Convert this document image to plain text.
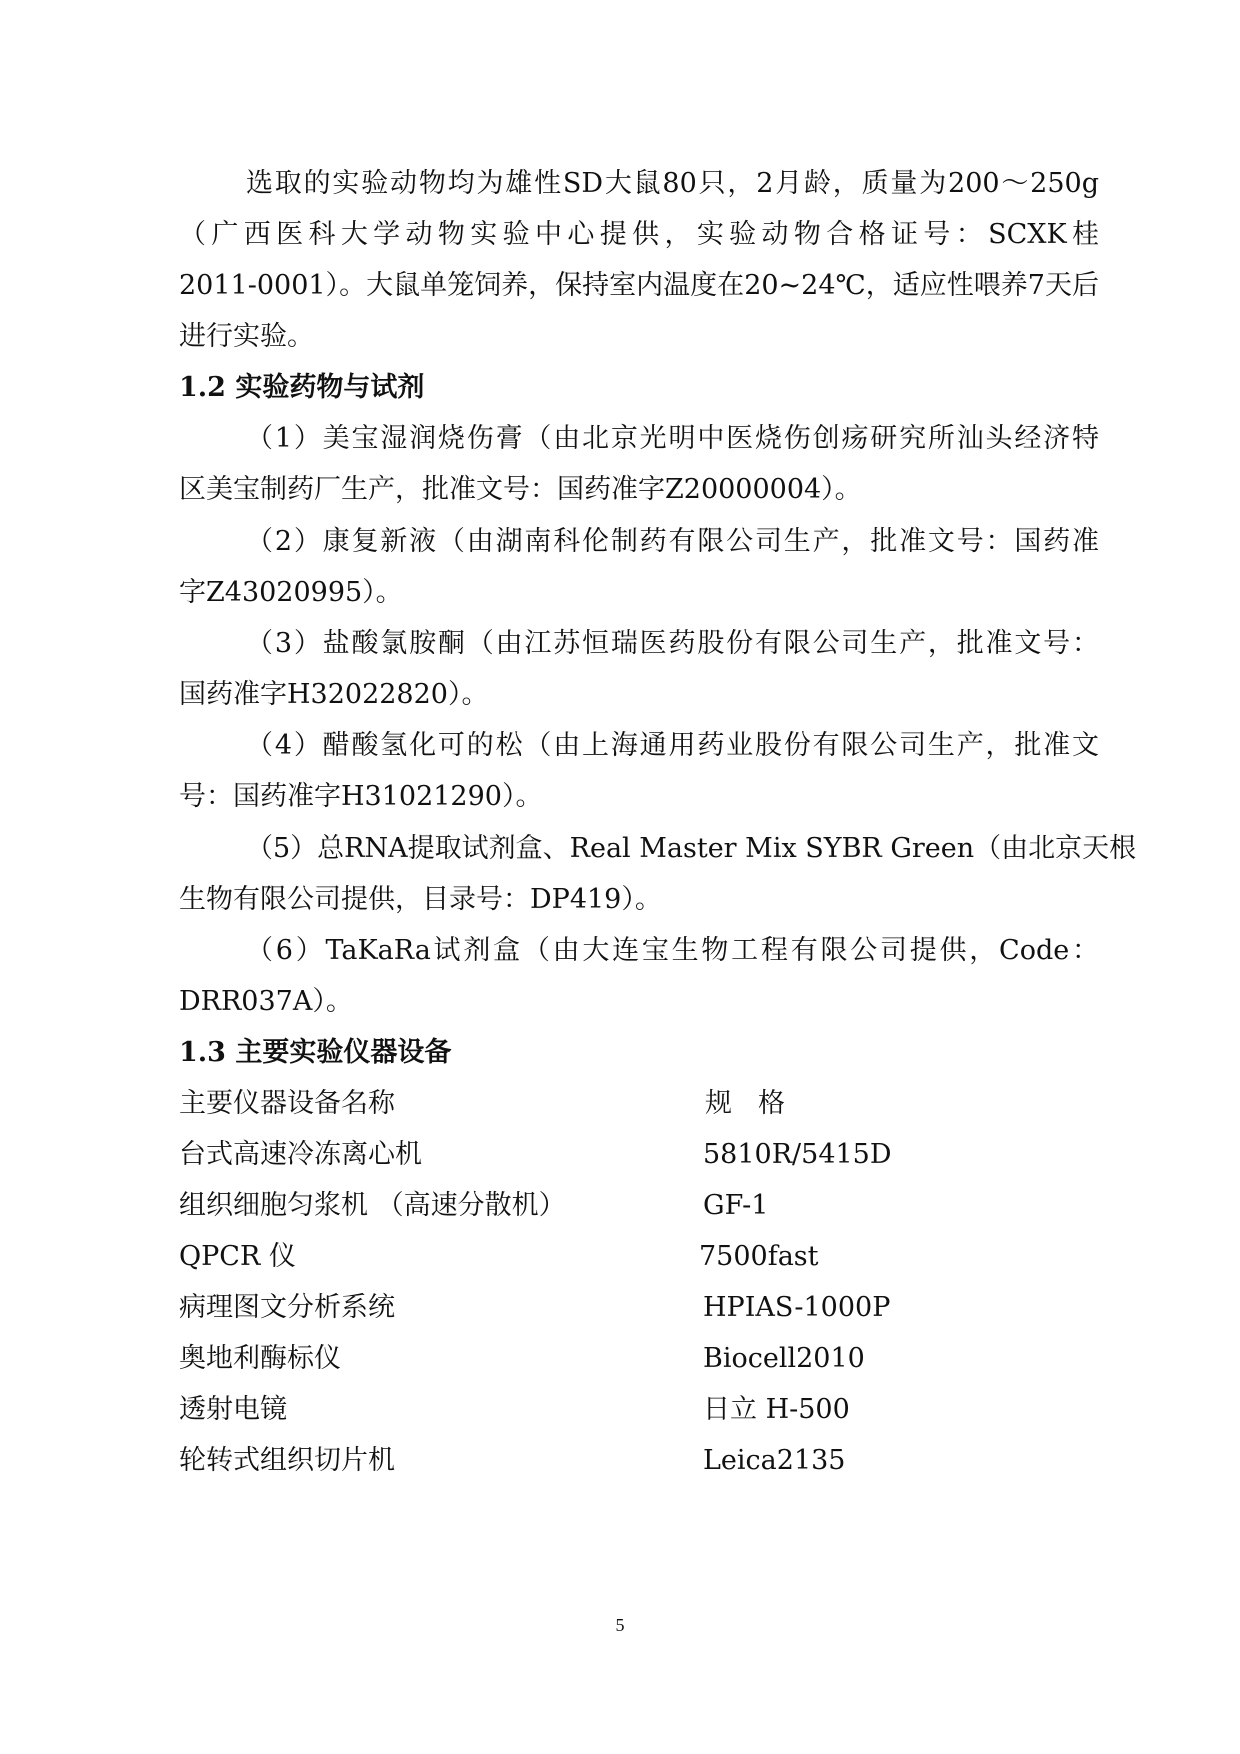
选取的实验动物均为雄性SD大鼠80只，2月龄，质量为200～250g
（广西医科大学动物实验中心提供，实验动物合格证号：SCXK桂
2011-0001）。大鼠单笼饲养，保持室内温度在20~24℃，适应性喂养7天后
进行实验。
1.2 实验药物与试剂
（1）美宝湿润烧伤膏（由北京光明中医烧伤创疡研究所汕头经济特
区美宝制药厂生产，批准文号：国药准字Z20000004）。
（2）康复新液（由湖南科伦制药有限公司生产，批准文号：国药准
字Z43020995）。
（3）盐酸氯胺酮（由江苏恒瑞医药股份有限公司生产，批准文号：
国药准字H32022820）。
（4）醋酸氢化可的松（由上海通用药业股份有限公司生产，批准文
号：国药准字H31021290）。
（5）总RNA提取试剂盒、Real Master Mix SYBR Green（由北京天根
生物有限公司提供，目录号：DP419）。
（6）TaKaRa试剂盒（由大连宝生物工程有限公司提供，Code：
DRR037A）。
1.3 主要实验仪器设备
主要仪器设备名称	规格
台式高速冷冻离心机	5810R/5415D
组织细胞匀浆机 （高速分散机）	GF-1
QPCR 仪	7500fast
病理图文分析系统	HPIAS-1000P
奥地利酶标仪	Biocell2010
透射电镜	日立 H-500
轮转式组织切片机	Leica2135
5
